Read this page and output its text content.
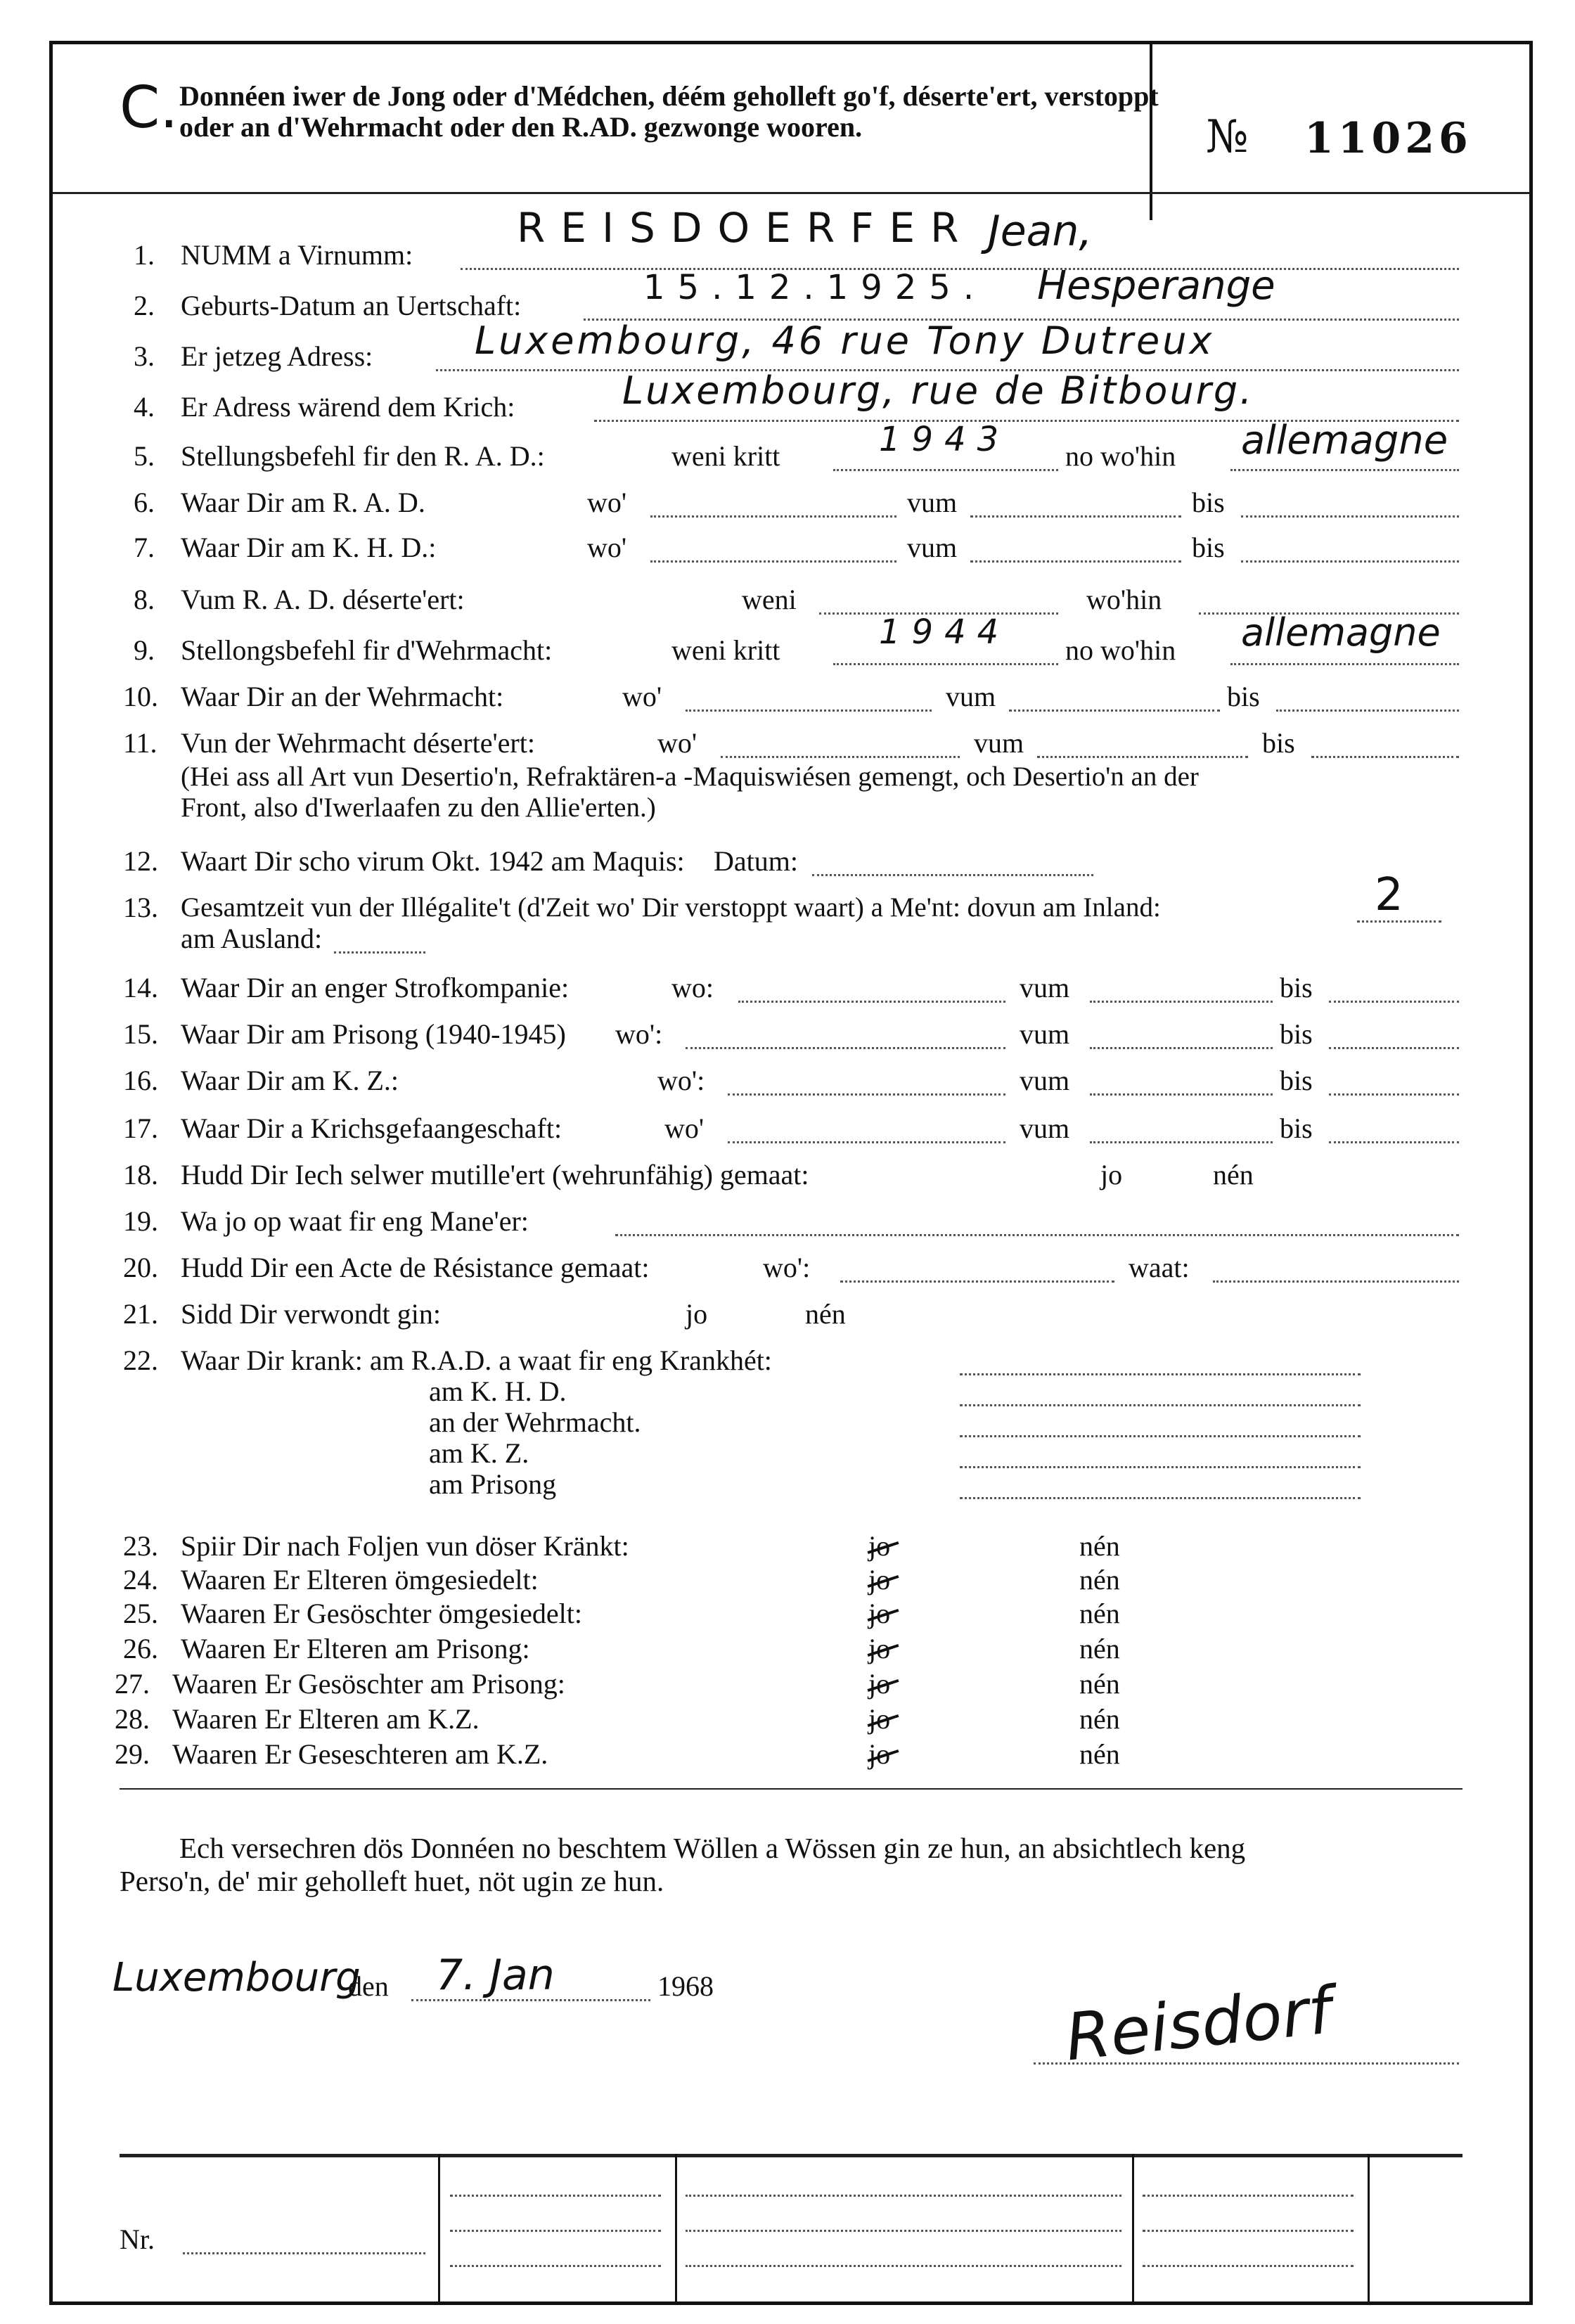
C. Donnéen iwer de Jong oder d'Médchen, déém geholleft go'f, déserte'ert, verstoppt oder an d'Wehrmacht oder den R.AD. gezwonge wooren.	№ 11026
1. NUMM a Virnumm:
REISDOERFER Jean,
2. Geburts-Datum an Uertschaft:	15.12.1925. Hesperange
3. Er jetzeg Adress:	Luxembourg, 46 rue Tony Dutreux
4. Er Adress wärend dem Krich:	Luxembourg, rue de Bitbourg.
5. Stellungsbefehl fir den R. A. D.:	weni kritt	1943 no wo'hin allemagne
6. Waar Dir am R. A. D.	wo'	vum	bis
7. Waar Dir am K. H. D.:	wo'	vum	bis
8. Vum R. A. D. déserte'ert:	weni	wo'hin
9. Stellongsbefehl fir d'Wehrmacht:	weni kritt	1944 no wo'hin allemagne
10. Waar Dir an der Wehrmacht:	wo'	vum	bis
11. Vun der Wehrmacht déserte'ert:	wo'	vum	bis
(Hei ass all Art vun Desertio'n, Refraktären-a -Maquiswiésen gemengt, och Desertio'n an der
Front, also d'Iwerlaafen zu den Allie'erten.)
12. Waart Dir scho virum Okt. 1942 am Maquis: Datum:
13. Gesamtzeit vun der Illégalite't (d'Zeit wo' Dir verstoppt waart) a Me'nt: dovun am Inland:	2
am Ausland:
14. Waar Dir an enger Strofkompanie:	wo:	vum	bis
15. Waar Dir am Prisong (1940-1945) wo':	vum	bis
16. Waar Dir am K. Z.:	wo':	vum	bis
17. Waar Dir a Krichsgefaangeschaft:	wo'	vum	bis
18. Hudd Dir Iech selwer mutille'ert (wehrunfähig) gemaat:	jo	nén
19. Wa jo op waat fir eng Mane'er:
20. Hudd Dir een Acte de Résistance gemaat:	wo':	waat:
21. Sidd Dir verwondt gin:	jo	nén
22. Waar Dir krank: am R.A.D. a waat fir eng Krankhét:
am K. H. D.
an der Wehrmacht.
am K. Z.
am Prisong
23. Spiir Dir nach Foljen vun döser Kränkt:	jo	nén
24. Waaren Er Elteren ömgesiedelt:	jo	nén
25. Waaren Er Gesöschter ömgesiedelt:	jo	nén
26. Waaren Er Elteren am Prisong:	jo	nén
27. Waaren Er Gesöschter am Prisong:	jo	nén
28. Waaren Er Elteren am K.Z.	jo	nén
29. Waaren Er Geseschteren am K.Z.	jo	nén
Ech versechren dös Donnéen no beschtem Wöllen a Wössen gin ze hun, an absichtlech keng
Perso'n, de' mir geholleft huet, nöt ugin ze hun.
Luxembourg
den 7. Jan	1968	Reisdorf
Nr.
